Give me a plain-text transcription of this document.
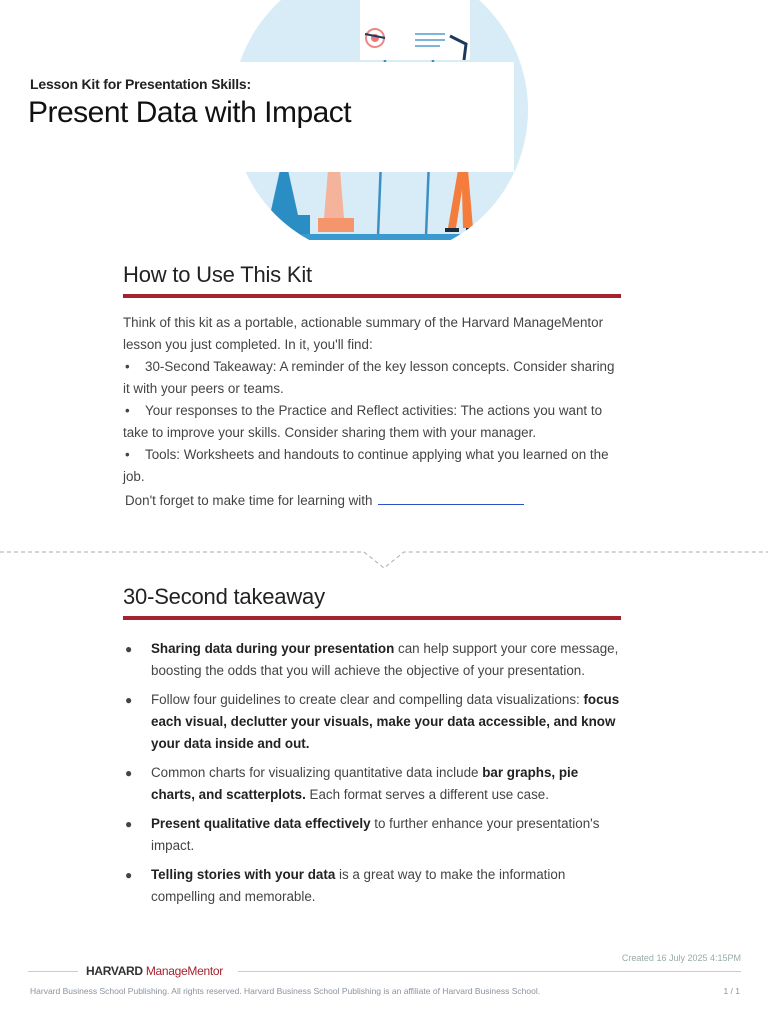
Lesson Kit for Presentation Skills:
Present Data with Impact
How to Use This Kit

Think of this kit as a portable, actionable summary of the Harvard ManageMentor lesson you just completed. In it, you'll find:

• 30-Second Takeaway: A reminder of the key lesson concepts. Consider sharing it with your peers or teams.
• Your responses to the Practice and Reflect activities: The actions you want to take to improve your skills. Consider sharing them with your manager.
• Tools: Worksheets and handouts to continue applying what you learned on the job.
Don't forget to make time for learning with
30-Second takeaway
● Sharing data during your presentation can help support your core message, boosting the odds that you will achieve the objective of your presentation.
● Follow four guidelines to create clear and compelling data visualizations: focus each visual, declutter your visuals, make your data accessible, and know your data inside and out.
● Common charts for visualizing quantitative data include bar graphs, pie charts, and scatterplots. Each format serves a different use case.
● Present qualitative data effectively to further enhance your presentation's impact.
● Telling stories with your data is a great way to make the information compelling and memorable.
Created 16 July 2025 4:15PM
HARVARD ManageMentor
Harvard Business School Publishing. All rights reserved. Harvard Business School Publishing is an affiliate of Harvard Business School.	1 / 1
